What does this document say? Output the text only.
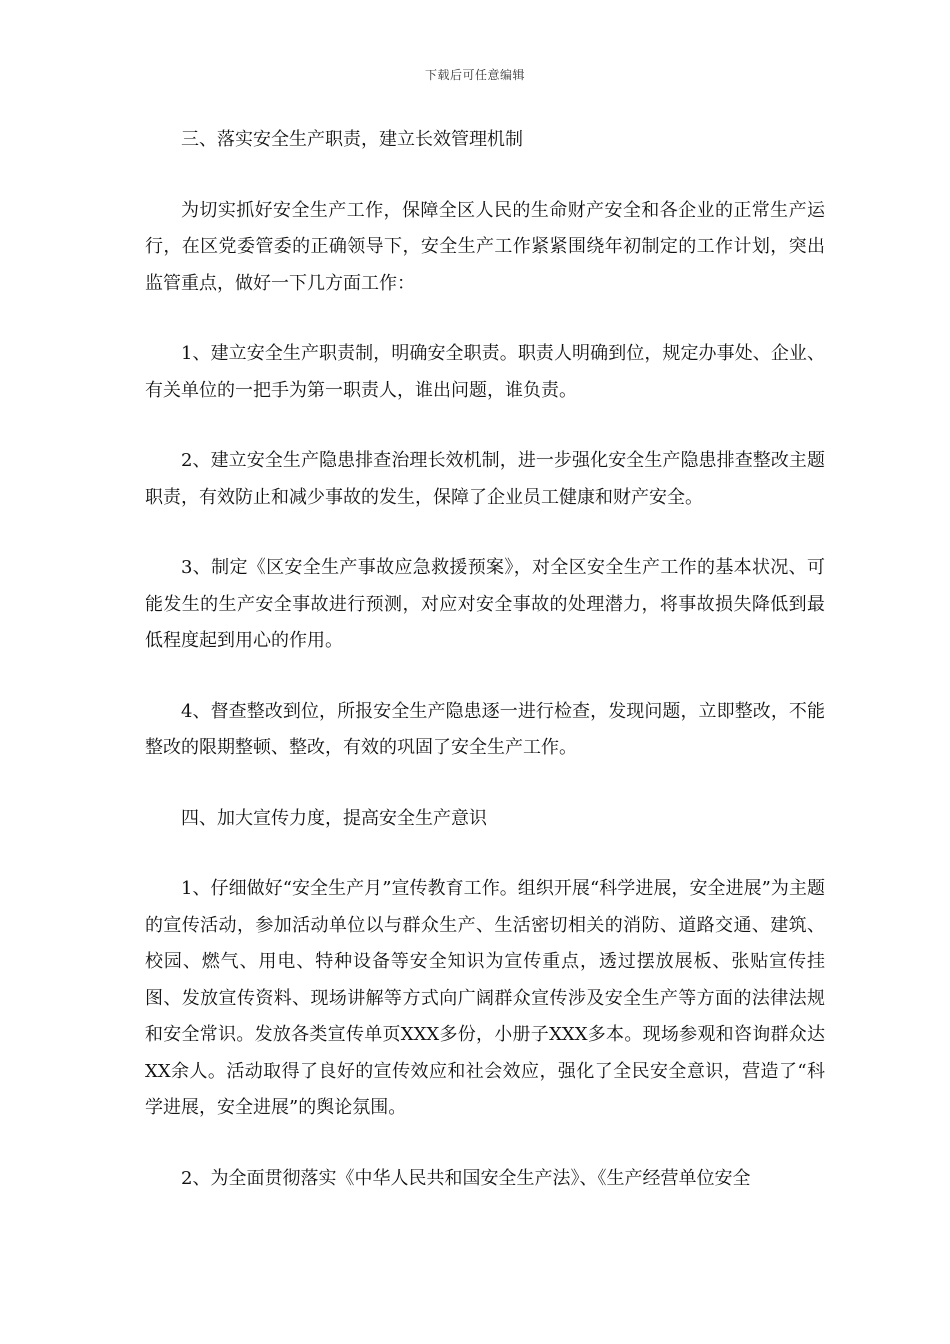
下载后可任意编辑

三、落实安全生产职责，建立长效管理机制

为切实抓好安全生产工作，保障全区人民的生命财产安全和各企业的正常生产运行，在区党委管委的正确领导下，安全生产工作紧紧围绕年初制定的工作计划，突出监管重点，做好一下几方面工作：

1、建立安全生产职责制，明确安全职责。职责人明确到位，规定办事处、企业、有关单位的一把手为第一职责人，谁出问题，谁负责。

2、建立安全生产隐患排查治理长效机制，进一步强化安全生产隐患排查整改主题职责，有效防止和减少事故的发生，保障了企业员工健康和财产安全。

3、制定《区安全生产事故应急救援预案》，对全区安全生产工作的基本状况、可能发生的生产安全事故进行预测，对应对安全事故的处理潜力，将事故损失降低到最低程度起到用心的作用。

4、督查整改到位，所报安全生产隐患逐一进行检查，发现问题，立即整改，不能整改的限期整顿、整改，有效的巩固了安全生产工作。

四、加大宣传力度，提高安全生产意识

1、仔细做好“安全生产月”宣传教育工作。组织开展“科学进展，安全进展”为主题的宣传活动，参加活动单位以与群众生产、生活密切相关的消防、道路交通、建筑、校园、燃气、用电、特种设备等安全知识为宣传重点，透过摆放展板、张贴宣传挂图、发放宣传资料、现场讲解等方式向广阔群众宣传涉及安全生产等方面的法律法规和安全常识。发放各类宣传单页XXX多份，小册子XXX多本。现场参观和咨询群众达XX余人。活动取得了良好的宣传效应和社会效应，强化了全民安全意识，营造了“科学进展，安全进展”的舆论氛围。

2、为全面贯彻落实《中华人民共和国安全生产法》、《生产经营单位安全
